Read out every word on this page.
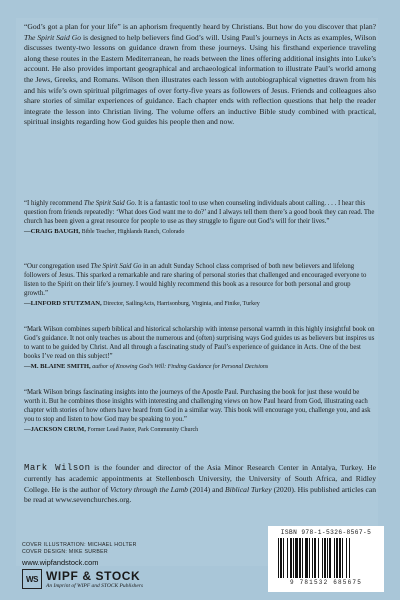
“God’s got a plan for your life” is an aphorism frequently heard by Christians. But how do you discover that plan? The Spirit Said Go is designed to help believers find God’s will. Using Paul’s journeys in Acts as examples, Wilson discusses twenty-two lessons on guidance drawn from these journeys. Using his firsthand experience traveling along these routes in the Eastern Mediterranean, he reads between the lines offering additional insights into Luke’s account. He also provides important geographical and archaeological information to illustrate Paul’s world among the Jews, Greeks, and Romans. Wilson then illustrates each lesson with autobiographical vignettes drawn from his and his wife’s own spiritual pilgrimages of over forty-five years as followers of Jesus. Friends and colleagues also share stories of similar experiences of guidance. Each chapter ends with reflection questions that help the reader integrate the lesson into Christian living. The volume offers an inductive Bible study combined with practical, spiritual insights regarding how God guides his people then and now.

“I highly recommend The Spirit Said Go. It is a fantastic tool to use when counseling individuals about calling. . . . I hear this question from friends repeatedly: ‘What does God want me to do?’ and I always tell them there’s a good book they can read. The church has been given a great resource for people to use as they struggle to figure out God’s will for their lives.”

—CRAIG BAUGH, Bible Teacher, Highlands Ranch, Colorado

“Our congregation used The Spirit Said Go in an adult Sunday School class comprised of both new believers and lifelong followers of Jesus. This sparked a remarkable and rare sharing of personal stories that challenged and encouraged everyone to listen to the Spirit on their life’s journey. I would highly recommend this book as a resource for both personal and group growth.”

—LINFORD STUTZMAN, Director, SailingActs, Harrisonburg, Virginia, and Finike, Turkey

“Mark Wilson combines superb biblical and historical scholarship with intense personal warmth in this highly insightful book on God’s guidance. It not only teaches us about the numerous and (often) surprising ways God guides us as believers but inspires us to want to be guided by Christ. And all through a fascinating study of Paul’s experience of guidance in Acts. One of the best books I’ve read on this subject!”

—M. BLAINE SMITH, author of Knowing God’s Will: Finding Guidance for Personal Decisions

“Mark Wilson brings fascinating insights into the journeys of the Apostle Paul. Purchasing the book for just these would be worth it. But he combines those insights with interesting and challenging views on how Paul heard from God, illustrating each chapter with stories of how others have heard from God in a similar way. This book will encourage you, challenge you, and ask you to stop and listen to how God may be speaking to you.”

—JACKSON CRUM, Former Lead Pastor, Park Community Church

Mark Wilson is the founder and director of the Asia Minor Research Center in Antalya, Turkey. He currently has academic appointments at Stellenbosch University, the University of South Africa, and Ridley College. He is the author of Victory through the Lamb (2014) and Biblical Turkey (2020). His published articles can be read at www.sevenchurches.org.

COVER ILLUSTRATION: MICHAEL HOLTER
COVER DESIGN: MIKE SURBER
www.wipfandstock.com
WS WIPF & STOCK
An Imprint of WIPF and STOCK Publishers
ISBN 978-1-5326-8567-5
9 781532 685675
